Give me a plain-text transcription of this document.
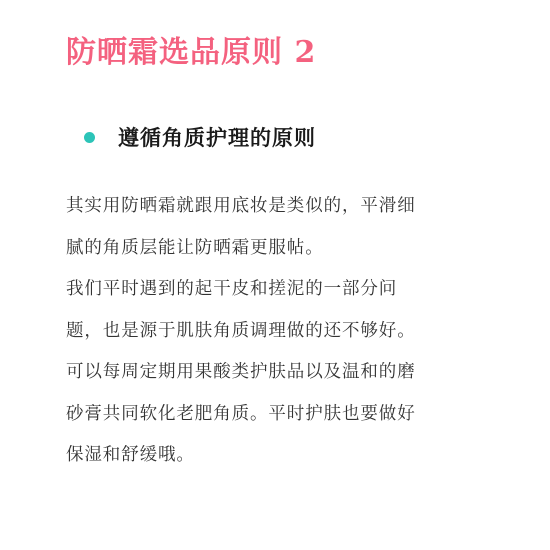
防晒霜选品原则 2
遵循角质护理的原则
其实用防晒霜就跟用底妆是类似的，平滑细
腻的角质层能让防晒霜更服帖。
我们平时遇到的起干皮和搓泥的一部分问
题，也是源于肌肤角质调理做的还不够好。
可以每周定期用果酸类护肤品以及温和的磨
砂膏共同软化老肥角质。平时护肤也要做好
保湿和舒缓哦。
